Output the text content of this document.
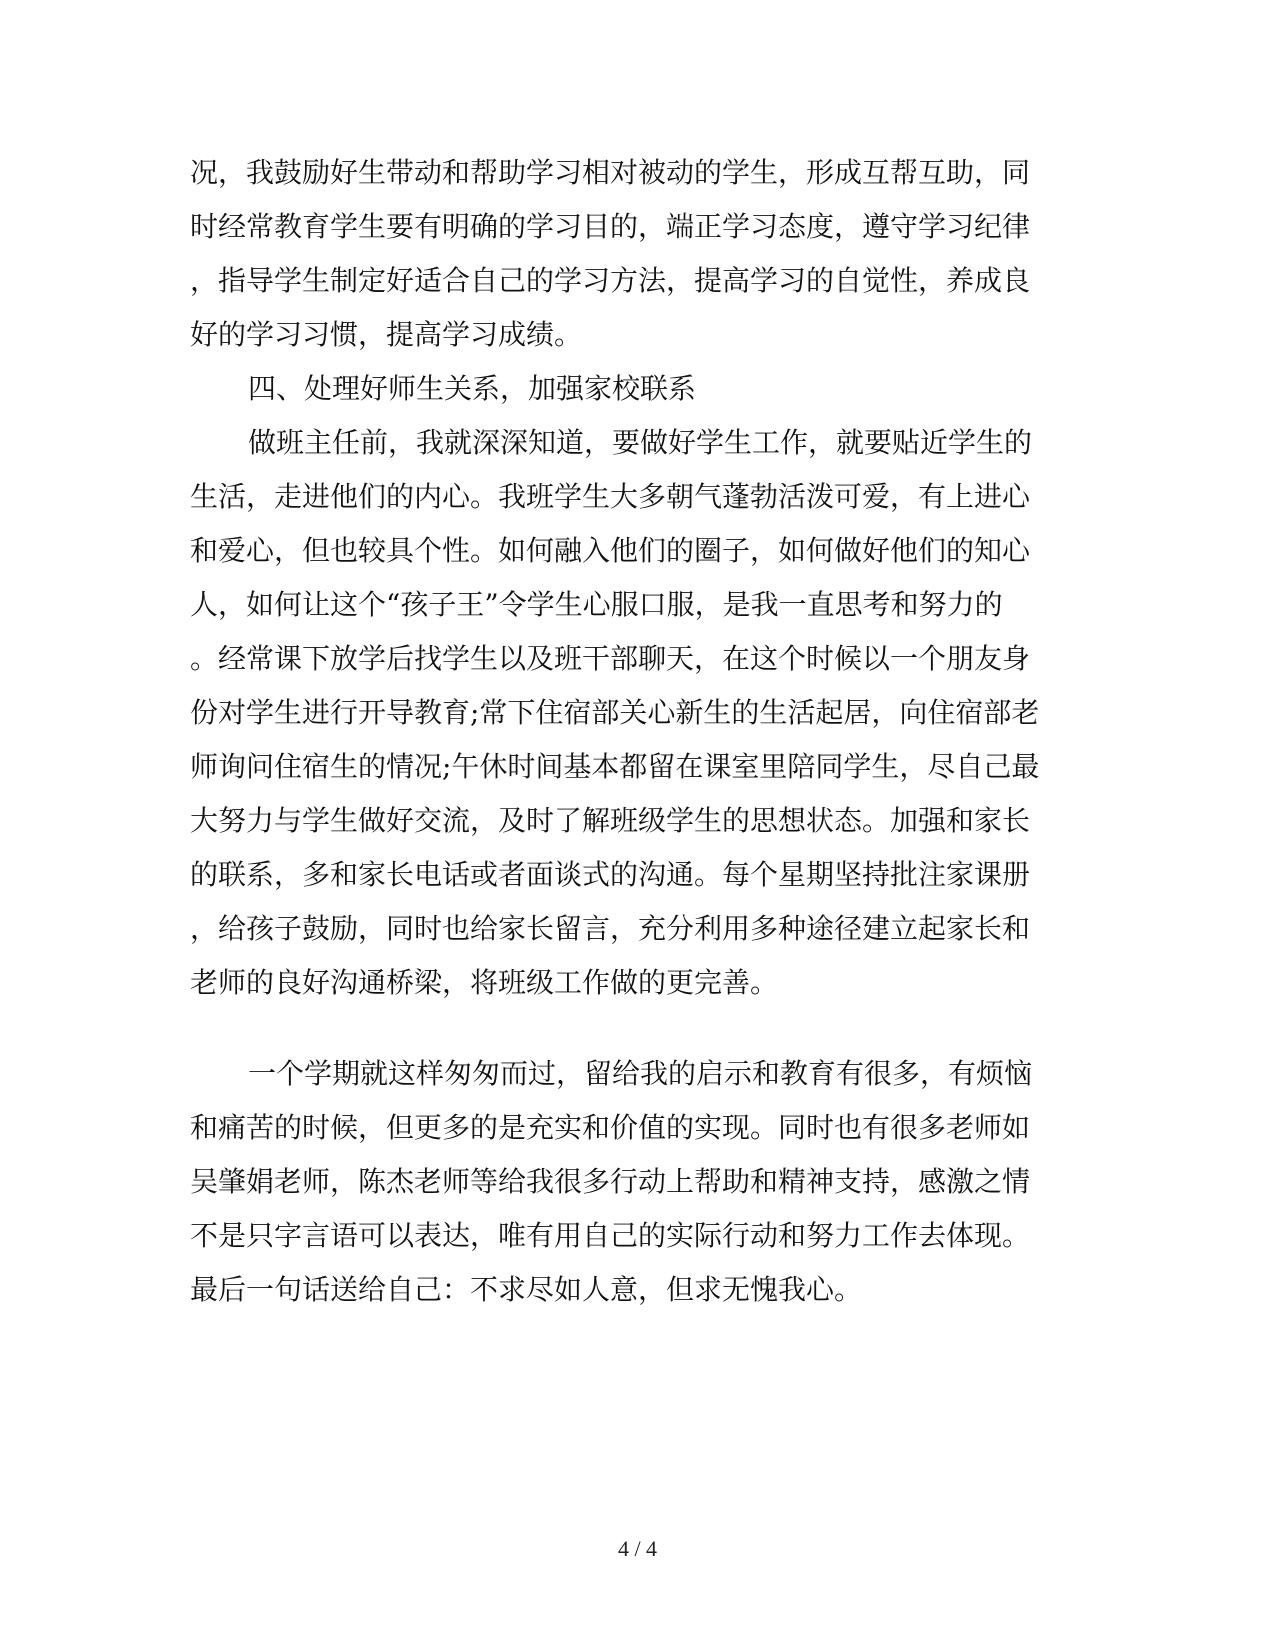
况，我鼓励好生带动和帮助学习相对被动的学生，形成互帮互助，同
时经常教育学生要有明确的学习目的，端正学习态度，遵守学习纪律
，指导学生制定好适合自己的学习方法，提高学习的自觉性，养成良
好的学习习惯，提高学习成绩。
四、处理好师生关系，加强家校联系
做班主任前，我就深深知道，要做好学生工作，就要贴近学生的
生活，走进他们的内心。我班学生大多朝气蓬勃活泼可爱，有上进心
和爱心，但也较具个性。如何融入他们的圈子，如何做好他们的知心
人，如何让这个“孩子王”令学生心服口服，是我一直思考和努力的
。经常课下放学后找学生以及班干部聊天，在这个时候以一个朋友身
份对学生进行开导教育;常下住宿部关心新生的生活起居，向住宿部老
师询问住宿生的情况;午休时间基本都留在课室里陪同学生，尽自己最
大努力与学生做好交流，及时了解班级学生的思想状态。加强和家长
的联系，多和家长电话或者面谈式的沟通。每个星期坚持批注家课册
，给孩子鼓励，同时也给家长留言，充分利用多种途径建立起家长和
老师的良好沟通桥梁，将班级工作做的更完善。
一个学期就这样匆匆而过，留给我的启示和教育有很多，有烦恼
和痛苦的时候，但更多的是充实和价值的实现。同时也有很多老师如
吴肇娟老师，陈杰老师等给我很多行动上帮助和精神支持，感激之情
不是只字言语可以表达，唯有用自己的实际行动和努力工作去体现。
最后一句话送给自己：不求尽如人意，但求无愧我心。
4 / 4
